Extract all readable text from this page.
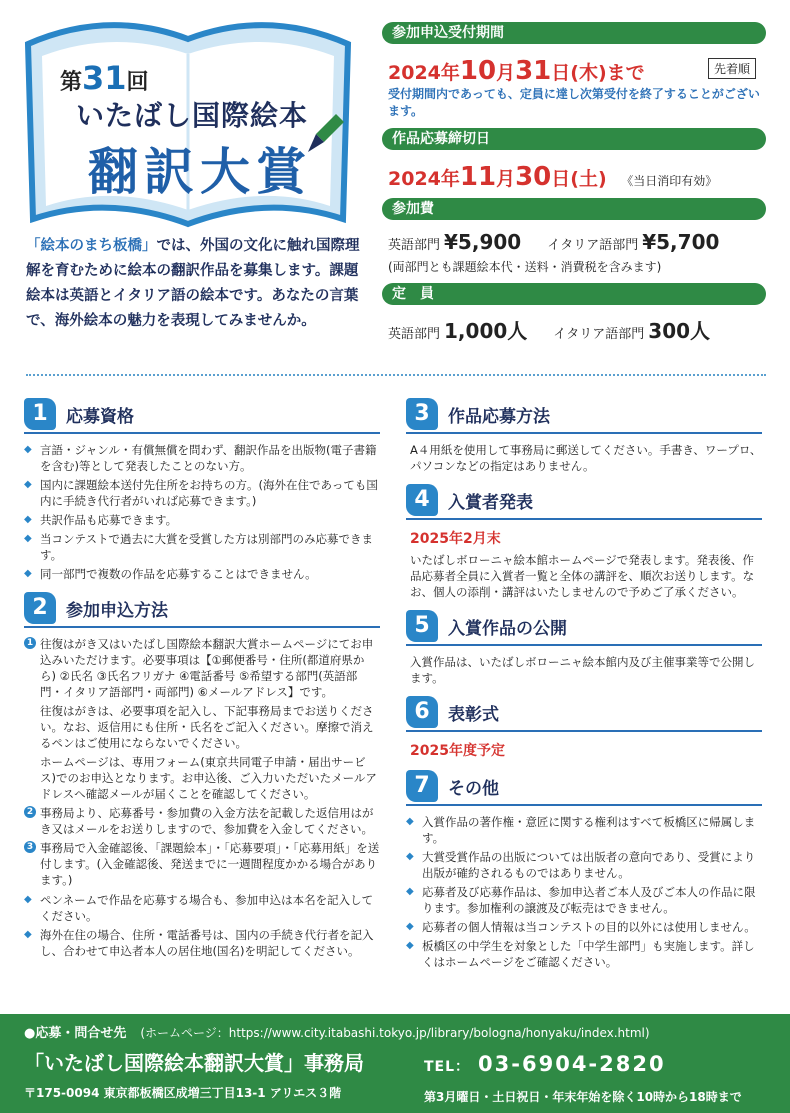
第31回
いたばし国際絵本
翻訳大賞
「絵本のまち板橋」では、外国の文化に触れ国際理解を育むために絵本の翻訳作品を募集します。課題絵本は英語とイタリア語の絵本です。あなたの言葉で、海外絵本の魅力を表現してみませんか。
参加申込受付期間
2024年10月31日(木)まで	先着順
受付期間内であっても、定員に達し次第受付を終了することがございます。
作品応募締切日
2024年11月30日(土) 《当日消印有効》
参加費
英語部門 ¥5,900 イタリア語部門 ¥5,700
(両部門とも課題絵本代・送料・消費税を含みます)
定　員
英語部門 1,000人 イタリア語部門 300人
1	応募資格
◆ 言語・ジャンル・有償無償を問わず、翻訳作品を出版物(電子書籍を含む)等として発表したことのない方。
◆ 国内に課題絵本送付先住所をお持ちの方。(海外在住であっても国内に手続き代行者がいれば応募できます。)
◆ 共訳作品も応募できます。
◆ 当コンテストで過去に大賞を受賞した方は別部門のみ応募できます。
◆ 同一部門で複数の作品を応募することはできません。
2	参加申込方法
1 往復はがき又はいたばし国際絵本翻訳大賞ホームページにてお申込みいただけます。必要事項は【①郵便番号・住所(都道府県から) ②氏名 ③氏名フリガナ ④電話番号 ⑤希望する部門(英語部門・イタリア語部門・両部門) ⑥メールアドレス】です。
往復はがきは、必要事項を記入し、下記事務局までお送りください。なお、返信用にも住所・氏名をご記入ください。摩擦で消えるペンはご使用にならないでください。
ホームページは、専用フォーム(東京共同電子申請・届出サービス)でのお申込となります。お申込後、ご入力いただいたメールアドレスへ確認メールが届くことを確認してください。
2 事務局より、応募番号・参加費の入金方法を記載した返信用はがき又はメールをお送りしますので、参加費を入金してください。
3 事務局で入金確認後、「課題絵本」・「応募要項」・「応募用紙」を送付します。(入金確認後、発送までに一週間程度かかる場合があります。)
◆ ペンネームで作品を応募する場合も、参加申込は本名を記入してください。
◆ 海外在住の場合、住所・電話番号は、国内の手続き代行者を記入し、合わせて申込者本人の居住地(国名)を明記してください。
3	作品応募方法

A４用紙を使用して事務局に郵送してください。手書き、ワープロ、パソコンなどの指定はありません。

4	入賞者発表
2025年2月末

いたばしボローニャ絵本館ホームページで発表します。発表後、作品応募者全員に入賞者一覧と全体の講評を、順次お送りします。なお、個人の添削・講評はいたしませんので予めご了承ください。

5	入賞作品の公開

入賞作品は、いたばしボローニャ絵本館内及び主催事業等で公開します。

6	表彰式
2025年度予定
7	その他
◆ 入賞作品の著作権・意匠に関する権利はすべて板橋区に帰属します。
◆ 大賞受賞作品の出版については出版者の意向であり、受賞により出版が確約されるものではありません。
◆ 応募者及び応募作品は、参加申込者ご本人及びご本人の作品に限ります。参加権利の譲渡及び転売はできません。
◆ 応募者の個人情報は当コンテストの目的以外には使用しません。
◆ 板橋区の中学生を対象とした「中学生部門」も実施します。詳しくはホームページをご確認ください。
●応募・問合せ先 (ホームページ：https://www.city.itabashi.tokyo.jp/library/bologna/honyaku/index.html)
「いたばし国際絵本翻訳大賞」事務局	TEL： 03-6904-2820
〒175-0094 東京都板橋区成増三丁目13-1 アリエス３階	第3月曜日・土日祝日・年末年始を除く10時から18時まで
